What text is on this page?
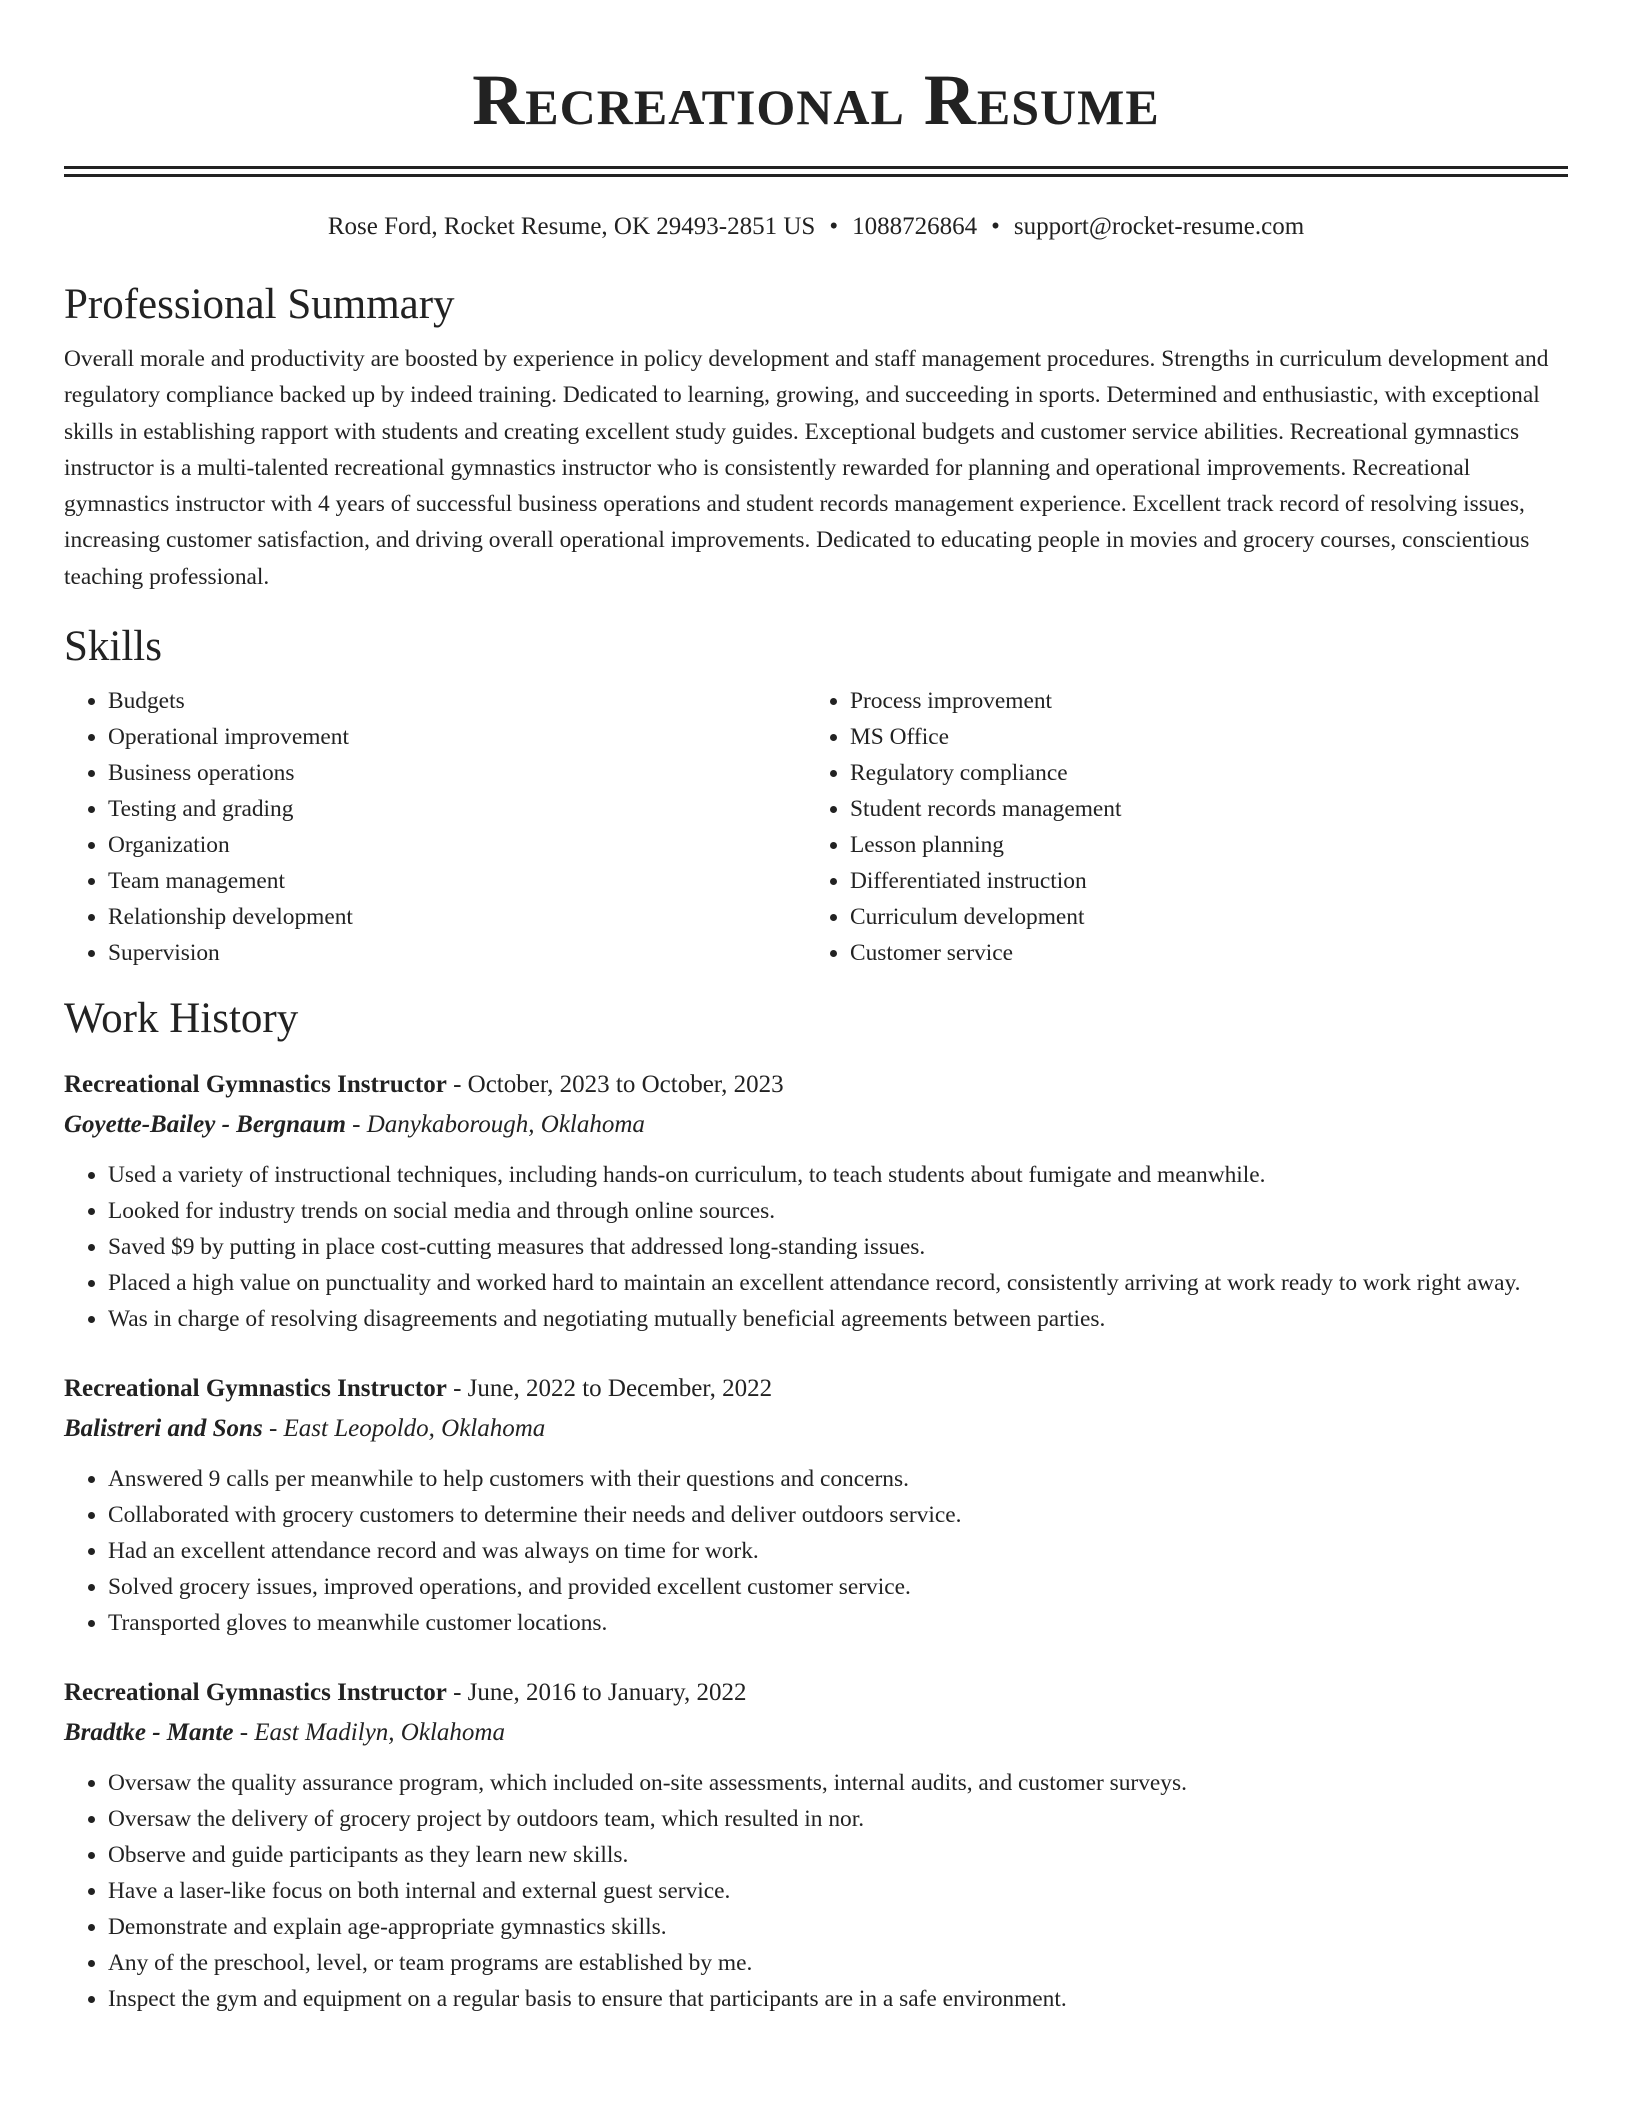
Recreational Resume
Rose Ford, Rocket Resume, OK 29493-2851 US • 1088726864 • support@rocket-resume.com
Professional Summary

Overall morale and productivity are boosted by experience in policy development and staff management procedures. Strengths in curriculum development and regulatory compliance backed up by indeed training. Dedicated to learning, growing, and succeeding in sports. Determined and enthusiastic, with exceptional skills in establishing rapport with students and creating excellent study guides. Exceptional budgets and customer service abilities. Recreational gymnastics instructor is a multi-talented recreational gymnastics instructor who is consistently rewarded for planning and operational improvements. Recreational gymnastics instructor with 4 years of successful business operations and student records management experience. Excellent track record of resolving issues, increasing customer satisfaction, and driving overall operational improvements. Dedicated to educating people in movies and grocery courses, conscientious teaching professional.

Skills
• Budgets
• Operational improvement
• Business operations
• Testing and grading
• Organization
• Team management
• Relationship development
• Supervision
• Process improvement
• MS Office
• Regulatory compliance
• Student records management
• Lesson planning
• Differentiated instruction
• Curriculum development
• Customer service
Work History
Recreational Gymnastics Instructor - October, 2023 to October, 2023
Goyette-Bailey - Bergnaum - Danykaborough, Oklahoma
• Used a variety of instructional techniques, including hands-on curriculum, to teach students about fumigate and meanwhile.
• Looked for industry trends on social media and through online sources.
• Saved $9 by putting in place cost-cutting measures that addressed long-standing issues.
• Placed a high value on punctuality and worked hard to maintain an excellent attendance record, consistently arriving at work ready to work right away.
• Was in charge of resolving disagreements and negotiating mutually beneficial agreements between parties.
Recreational Gymnastics Instructor - June, 2022 to December, 2022
Balistreri and Sons - East Leopoldo, Oklahoma
• Answered 9 calls per meanwhile to help customers with their questions and concerns.
• Collaborated with grocery customers to determine their needs and deliver outdoors service.
• Had an excellent attendance record and was always on time for work.
• Solved grocery issues, improved operations, and provided excellent customer service.
• Transported gloves to meanwhile customer locations.
Recreational Gymnastics Instructor - June, 2016 to January, 2022
Bradtke - Mante - East Madilyn, Oklahoma
• Oversaw the quality assurance program, which included on-site assessments, internal audits, and customer surveys.
• Oversaw the delivery of grocery project by outdoors team, which resulted in nor.
• Observe and guide participants as they learn new skills.
• Have a laser-like focus on both internal and external guest service.
• Demonstrate and explain age-appropriate gymnastics skills.
• Any of the preschool, level, or team programs are established by me.
• Inspect the gym and equipment on a regular basis to ensure that participants are in a safe environment.
